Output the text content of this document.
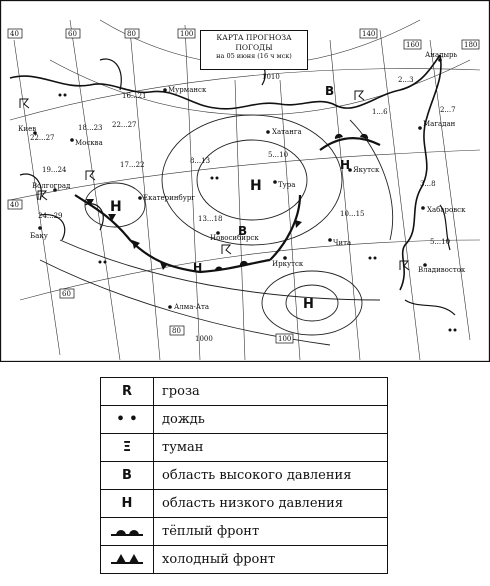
Мурманск
Москва
Киев
Волгоград
Баку
Екатеринбург
Новосибирск
Тура
Хатанга
Якутск
Чита
Иркутск
Хабаровск
Владивосток
Алма-Ата
Магадан
Анадырь
16...21
18...23 22...27
22...27
19...24
24...29
17...22	8...13
13...18
5...10
10...15
5...10
3...8
1...6	2...7
2...3
40	60	80	100	140
160	180
40
60
80
100
1010
1000
B
B
H
H
H
H
H
КАРТА ПРОГНОЗА
ПОГОДЫ
на 05 июня (16 ч мск)
R	гроза
• •	дождь
Ξ	туман
B	область высокого давления
H	область низкого давления
	тёплый фронт
	холодный фронт
